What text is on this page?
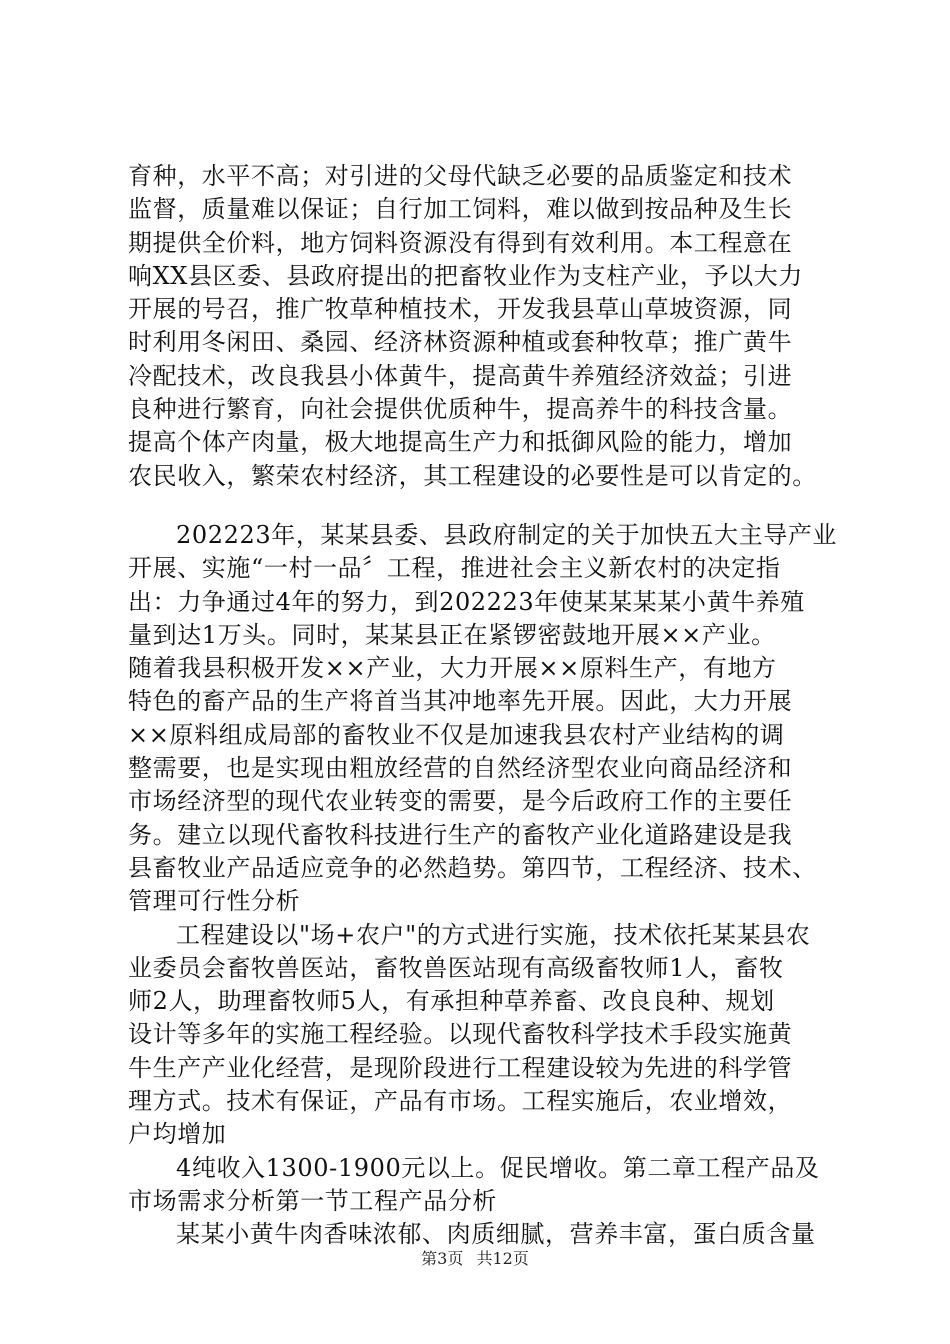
育种，水平不高；对引进的父母代缺乏必要的品质鉴定和技术
监督，质量难以保证；自行加工饲料，难以做到按品种及生长
期提供全价料，地方饲料资源没有得到有效利用。本工程意在
响XX县区委、县政府提出的把畜牧业作为支柱产业，予以大力
开展的号召，推广牧草种植技术，开发我县草山草坡资源，同
时利用冬闲田、桑园、经济林资源种植或套种牧草；推广黄牛
冷配技术，改良我县小体黄牛，提高黄牛养殖经济效益；引进
良种进行繁育，向社会提供优质种牛，提高养牛的科技含量。
提高个体产肉量，极大地提高生产力和抵御风险的能力，增加
农民收入，繁荣农村经济，其工程建设的必要性是可以肯定的。
202223年，某某县委、县政府制定的关于加快五大主导产业
开展、实施“一村一品〞工程，推进社会主义新农村的决定指
出：力争通过4年的努力，到202223年使某某某某小黄牛养殖
量到达1万头。同时，某某县正在紧锣密鼓地开展××产业。
随着我县积极开发××产业，大力开展××原料生产，有地方
特色的畜产品的生产将首当其冲地率先开展。因此，大力开展
××原料组成局部的畜牧业不仅是加速我县农村产业结构的调
整需要，也是实现由粗放经营的自然经济型农业向商品经济和
市场经济型的现代农业转变的需要，是今后政府工作的主要任
务。建立以现代畜牧科技进行生产的畜牧产业化道路建设是我
县畜牧业产品适应竞争的必然趋势。第四节，工程经济、技术、
管理可行性分析
工程建设以"场+农户"的方式进行实施，技术依托某某县农
业委员会畜牧兽医站，畜牧兽医站现有高级畜牧师1人，畜牧
师2人，助理畜牧师5人，有承担种草养畜、改良良种、规划
设计等多年的实施工程经验。以现代畜牧科学技术手段实施黄
牛生产产业化经营，是现阶段进行工程建设较为先进的科学管
理方式。技术有保证，产品有市场。工程实施后，农业增效，
户均增加
4纯收入1300-1900元以上。促民增收。第二章工程产品及
市场需求分析第一节工程产品分析
某某小黄牛肉香味浓郁、肉质细腻，营养丰富，蛋白质含量
第3页 共12页
